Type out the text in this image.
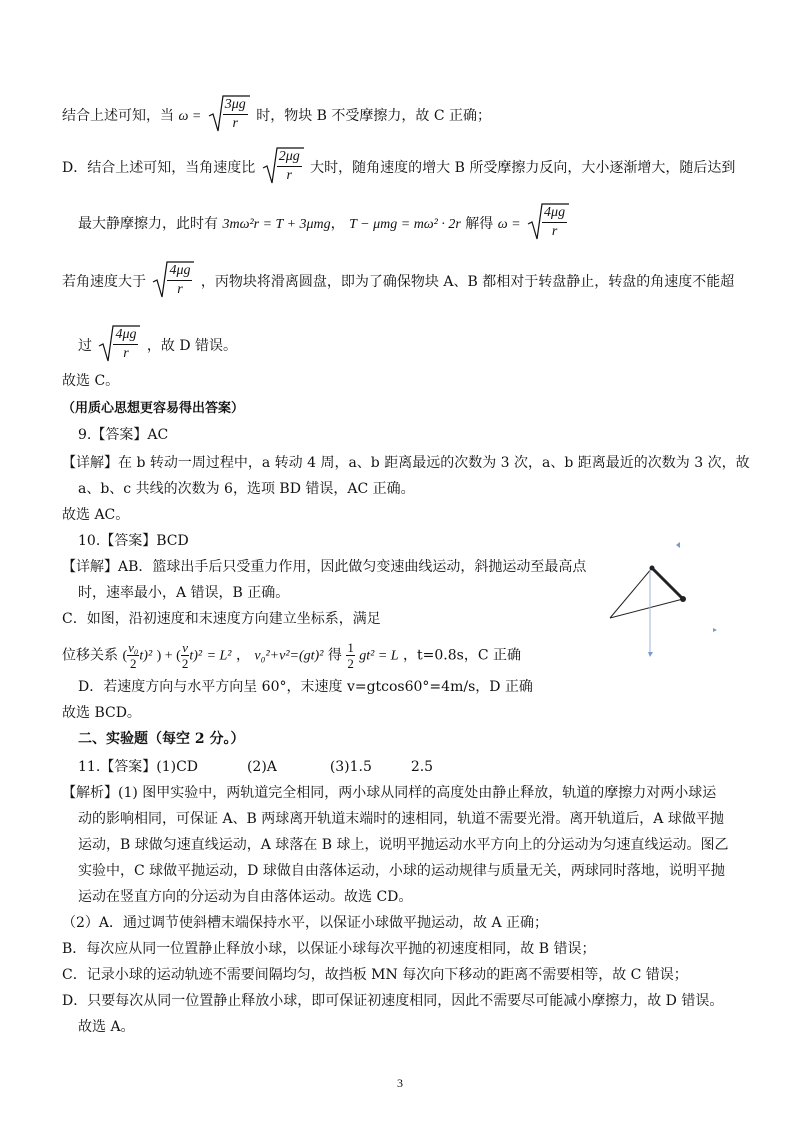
结合上述可知，当 $\omega = \frac{3\mu g}{r}$ 时，物块 B 不受摩擦力，故 C 正确；
D．结合上述可知，当角速度比 $\frac{2\mu g}{r}$ 大时，随角速度的增大 B 所受摩擦力反向，大小逐渐增大，随后达到
最大静摩擦力，此时有 3mω²r = T + 3μmg， T − μmg = mω² · 2r 解得 $\omega = \frac{4\mu g}{r}$
若角速度大于 $\frac{4\mu g}{r}$ ，丙物块将滑离圆盘，即为了确保物块 A、B 都相对于转盘静止，转盘的角速度不能超
过 $\frac{4\mu g}{r}$ ，故 D 错误。
故选 C。
（用质心思想更容易得出答案）
9.【答案】AC
【详解】在 b 转动一周过程中，a 转动 4 周，a、b 距离最远的次数为 3 次，a、b 距离最近的次数为 3 次，故
a、b、c 共线的次数为 6，选项 BD 错误，AC 正确。
故选 AC。
10.【答案】BCD
【详解】AB．篮球出手后只受重力作用，因此做匀变速曲线运动，斜抛运动至最高点
时，速率最小，A 错误，B 正确。
C．如图，沿初速度和末速度方向建立坐标系，满足
位移关系 ( $\frac{\text{v₀}}{2} t)^2$ ) + ( $\frac{v}{2} t)^2 = L^2$ ， v₀²+v²=(gt)² 得 $\frac{1}{2} gt^2 = L$ ，t=0.8s，C 正确
D．若速度方向与水平方向呈 60°，末速度 v=gtcos60°=4m/s，D 正确
故选 BCD。
二、实验题（每空 2 分。）
11.【答案】(1)CD	(2)A	(3)1.5	2.5
【解析】(1) 图甲实验中，两轨道完全相同，两小球从同样的高度处由静止释放，轨道的摩擦力对两小球运
动的影响相同，可保证 A、B 两球离开轨道末端时的速相同，轨道不需要光滑。离开轨道后，A 球做平抛
运动，B 球做匀速直线运动，A 球落在 B 球上，说明平抛运动水平方向上的分运动为匀速直线运动。图乙
实验中，C 球做平抛运动，D 球做自由落体运动，小球的运动规律与质量无关，两球同时落地，说明平抛
运动在竖直方向的分运动为自由落体运动。故选 CD。
（2）A．通过调节使斜槽末端保持水平，以保证小球做平抛运动，故 A 正确；
B．每次应从同一位置静止释放小球，以保证小球每次平抛的初速度相同，故 B 错误；
C．记录小球的运动轨迹不需要间隔均匀，故挡板 MN 每次向下移动的距离不需要相等，故 C 错误；
D．只要每次从同一位置静止释放小球，即可保证初速度相同，因此不需要尽可能减小摩擦力，故 D 错误。
故选 A。
3
